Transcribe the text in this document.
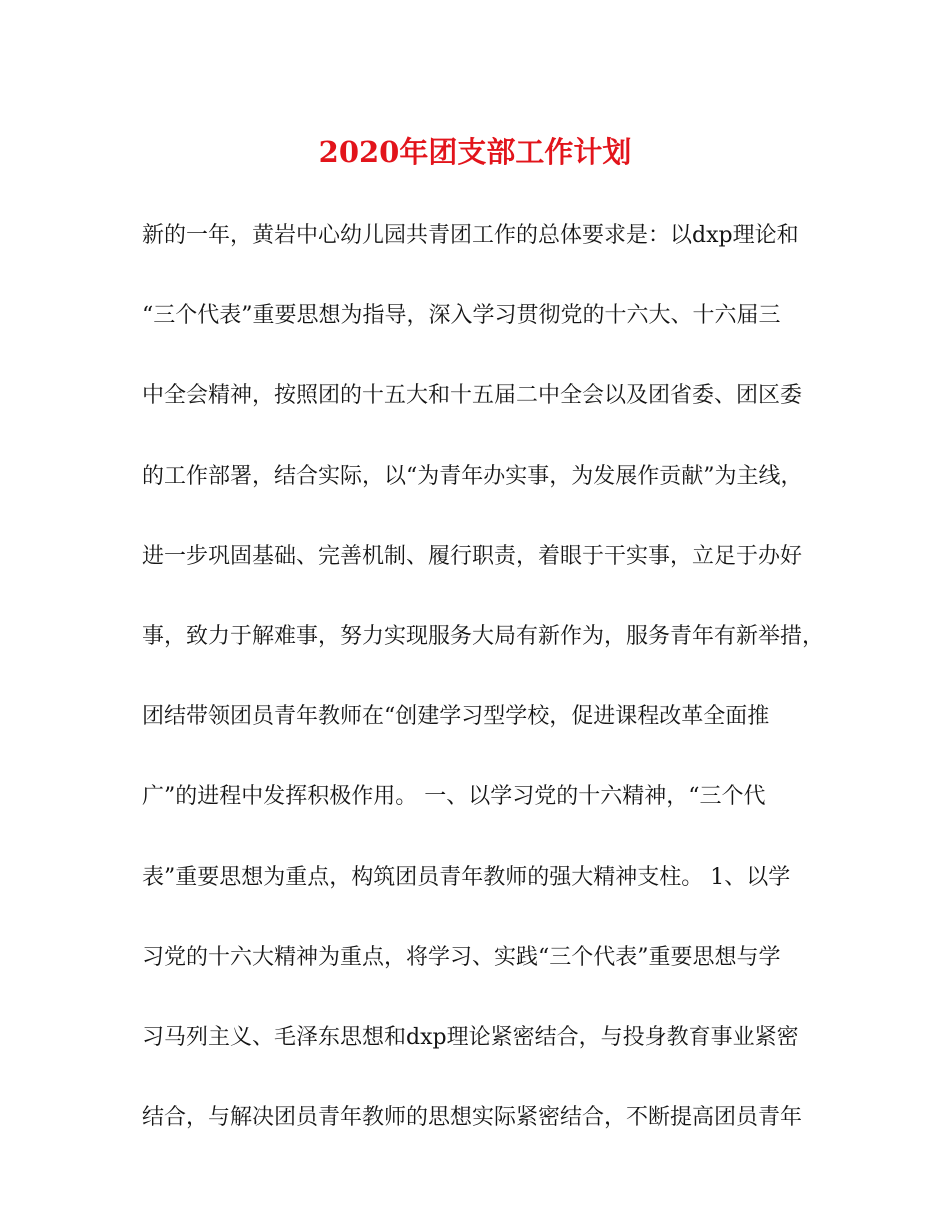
2020年团支部工作计划
新的一年，黄岩中心幼儿园共青团工作的总体要求是：以dxp理论和
“三个代表”重要思想为指导，深入学习贯彻党的十六大、十六届三
中全会精神，按照团的十五大和十五届二中全会以及团省委、团区委
的工作部署，结合实际，以“为青年办实事，为发展作贡献”为主线，
进一步巩固基础、完善机制、履行职责，着眼于干实事，立足于办好
事，致力于解难事，努力实现服务大局有新作为，服务青年有新举措，
团结带领团员青年教师在“创建学习型学校，促进课程改革全面推
广”的进程中发挥积极作用。 一、以学习党的十六精神，“三个代
表”重要思想为重点，构筑团员青年教师的强大精神支柱。 1、以学
习党的十六大精神为重点，将学习、实践“三个代表”重要思想与学
习马列主义、毛泽东思想和dxp理论紧密结合，与投身教育事业紧密
结合，与解决团员青年教师的思想实际紧密结合，不断提高团员青年
